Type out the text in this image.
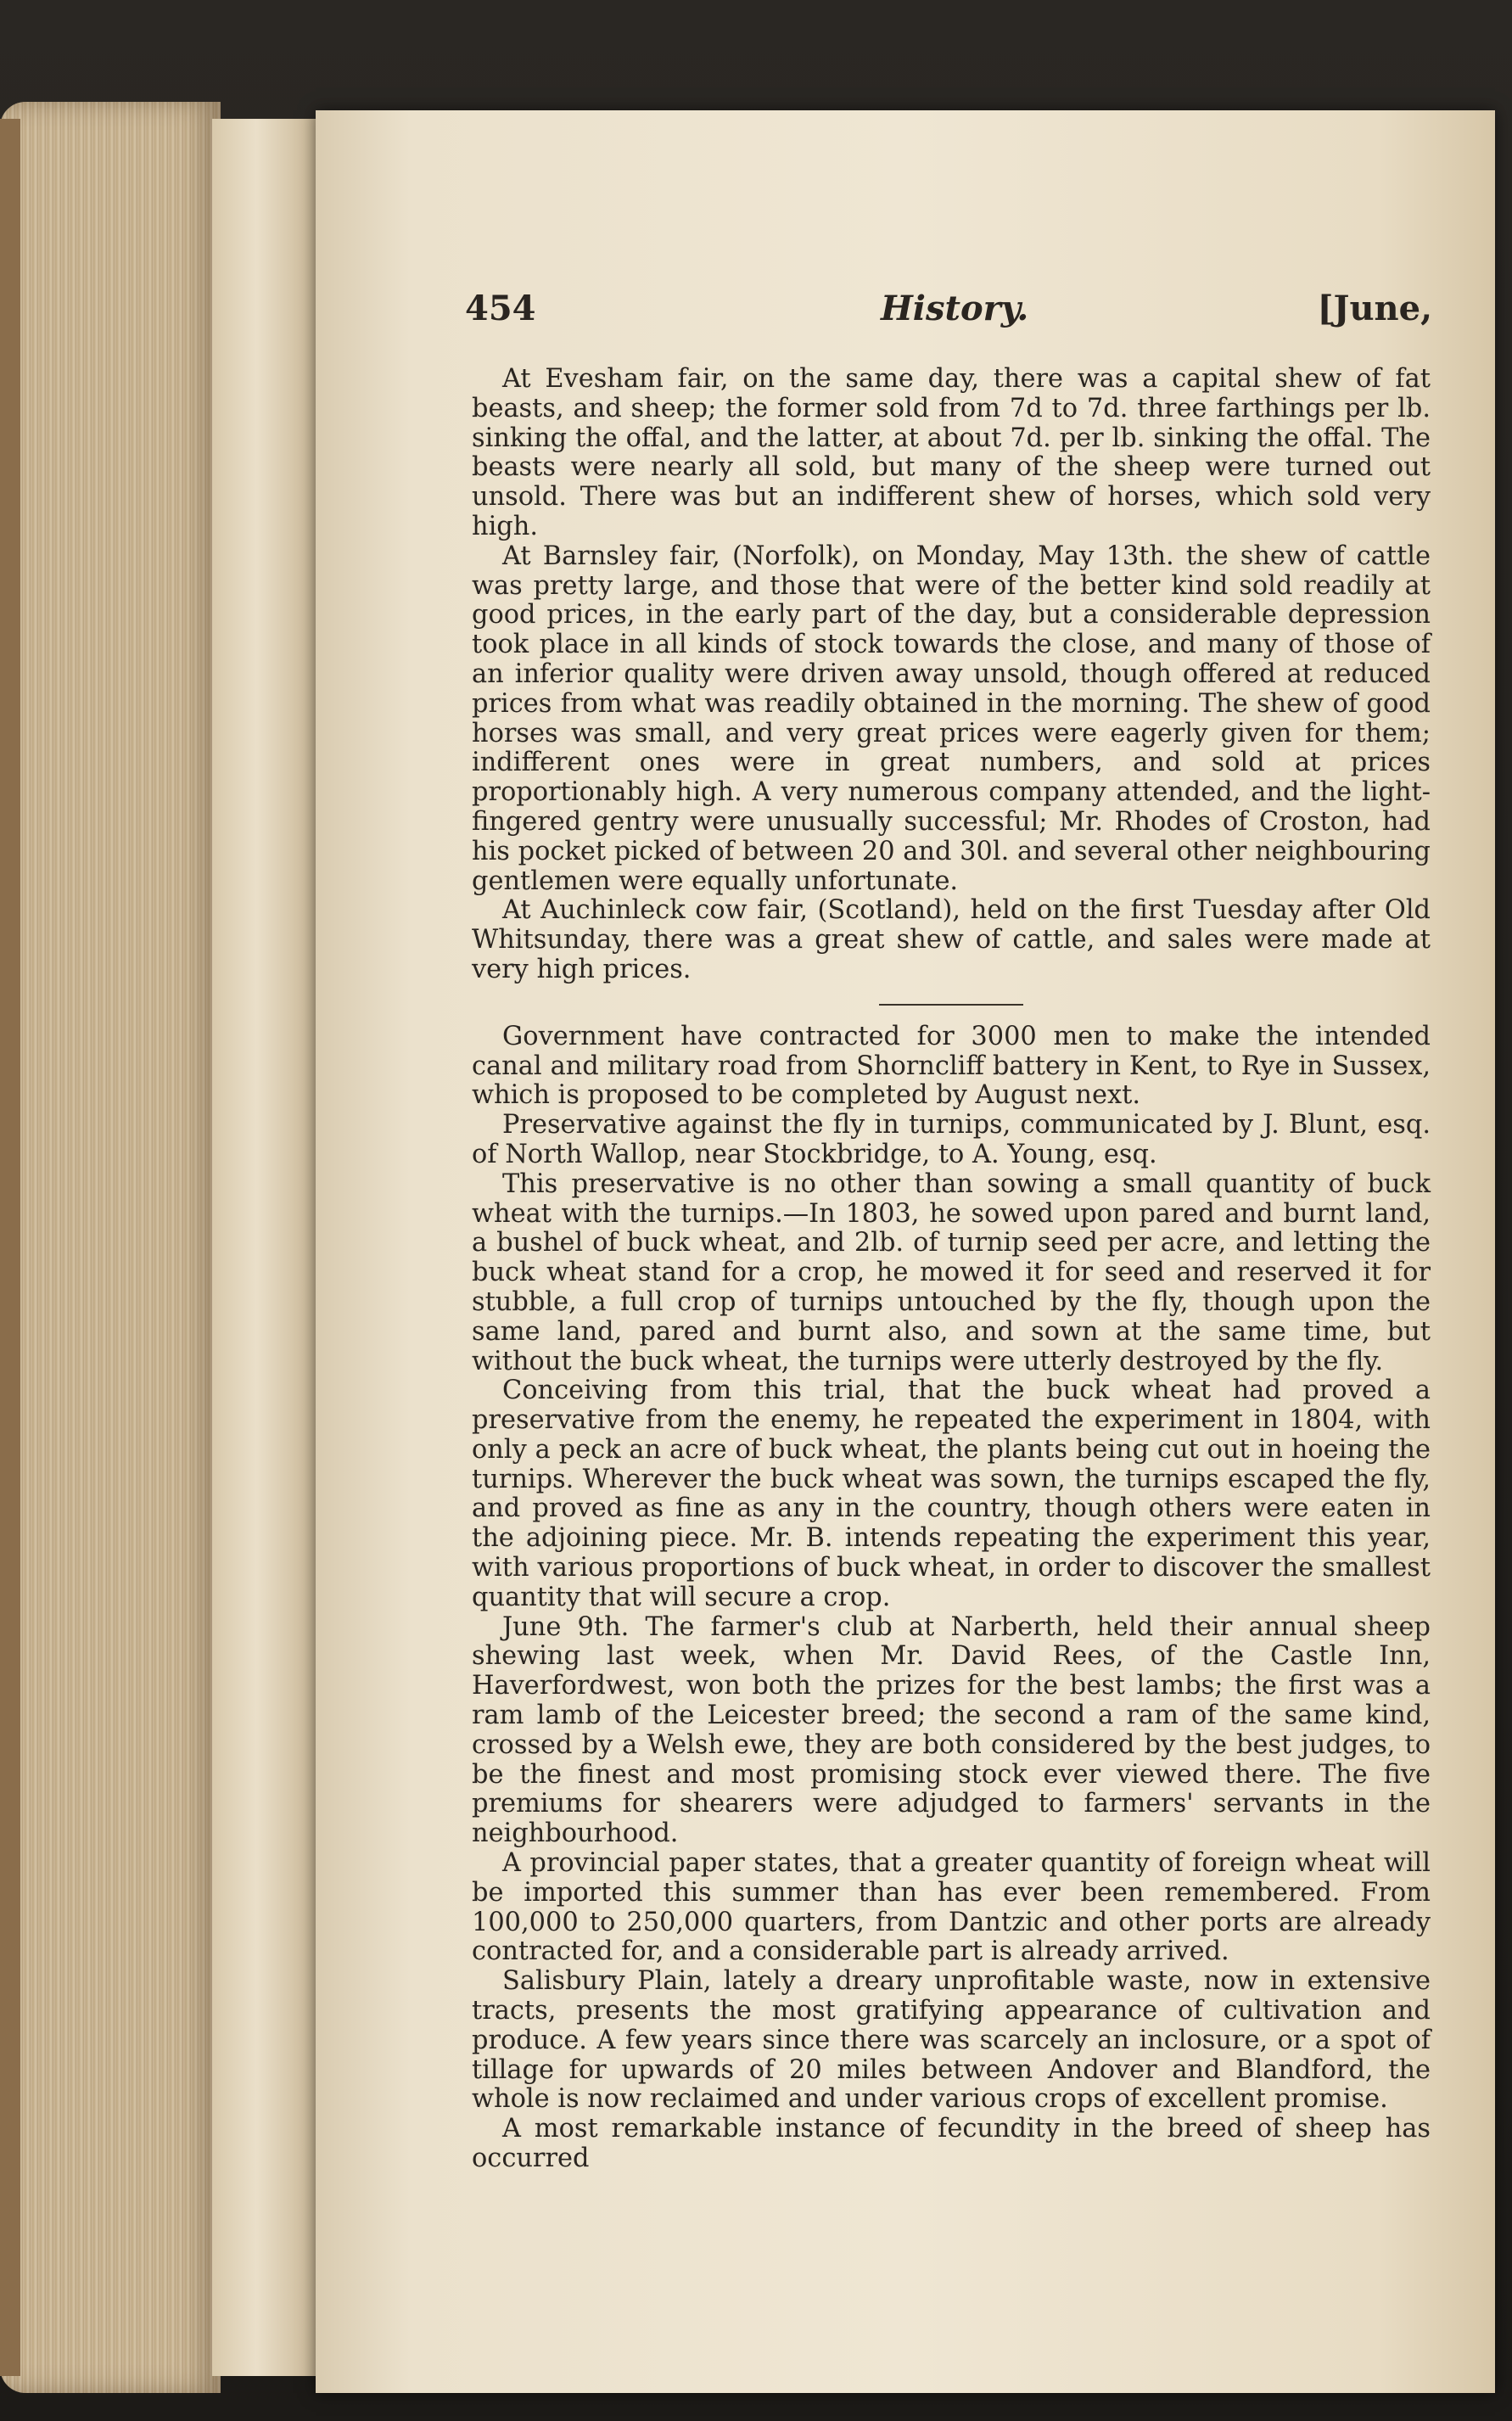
454	History.	[June,

At Evesham fair, on the same day, there was a capital shew of fat beasts, and sheep; the former sold from 7d to 7d. three farthings per lb. sinking the offal, and the latter, at about 7d. per lb. sinking the offal. The beasts were nearly all sold, but many of the sheep were turned out unsold. There was but an indifferent shew of horses, which sold very high.

At Barnsley fair, (Norfolk), on Monday, May 13th. the shew of cattle was pretty large, and those that were of the better kind sold readily at good prices, in the early part of the day, but a considerable depression took place in all kinds of stock towards the close, and many of those of an inferior quality were driven away unsold, though offered at reduced prices from what was readily obtained in the morning. The shew of good horses was small, and very great prices were eagerly given for them; indifferent ones were in great numbers, and sold at prices proportionably high. A very numerous company attended, and the light-fingered gentry were unusually successful; Mr. Rhodes of Croston, had his pocket picked of between 20 and 30l. and several other neighbouring gentlemen were equally unfortunate.

At Auchinleck cow fair, (Scotland), held on the first Tuesday after Old Whitsunday, there was a great shew of cattle, and sales were made at very high prices.

Government have contracted for 3000 men to make the intended canal and military road from Shorncliff battery in Kent, to Rye in Sussex, which is proposed to be completed by August next.

Preservative against the fly in turnips, communicated by J. Blunt, esq. of North Wallop, near Stockbridge, to A. Young, esq.

This preservative is no other than sowing a small quantity of buck wheat with the turnips.—In 1803, he sowed upon pared and burnt land, a bushel of buck wheat, and 2lb. of turnip seed per acre, and letting the buck wheat stand for a crop, he mowed it for seed and reserved it for stubble, a full crop of turnips untouched by the fly, though upon the same land, pared and burnt also, and sown at the same time, but without the buck wheat, the turnips were utterly destroyed by the fly.

Conceiving from this trial, that the buck wheat had proved a preservative from the enemy, he repeated the experiment in 1804, with only a peck an acre of buck wheat, the plants being cut out in hoeing the turnips. Wherever the buck wheat was sown, the turnips escaped the fly, and proved as fine as any in the country, though others were eaten in the adjoining piece. Mr. B. intends repeating the experiment this year, with various proportions of buck wheat, in order to discover the smallest quantity that will secure a crop.

June 9th. The farmer's club at Narberth, held their annual sheep shewing last week, when Mr. David Rees, of the Castle Inn, Haverfordwest, won both the prizes for the best lambs; the first was a ram lamb of the Leicester breed; the second a ram of the same kind, crossed by a Welsh ewe, they are both considered by the best judges, to be the finest and most promising stock ever viewed there. The five premiums for shearers were adjudged to farmers' servants in the neighbourhood.

A provincial paper states, that a greater quantity of foreign wheat will be imported this summer than has ever been remembered. From 100,000 to 250,000 quarters, from Dantzic and other ports are already contracted for, and a considerable part is already arrived.

Salisbury Plain, lately a dreary unprofitable waste, now in extensive tracts, presents the most gratifying appearance of cultivation and produce. A few years since there was scarcely an inclosure, or a spot of tillage for upwards of 20 miles between Andover and Blandford, the whole is now reclaimed and under various crops of excellent promise.

A most remarkable instance of fecundity in the breed of sheep has occurred
